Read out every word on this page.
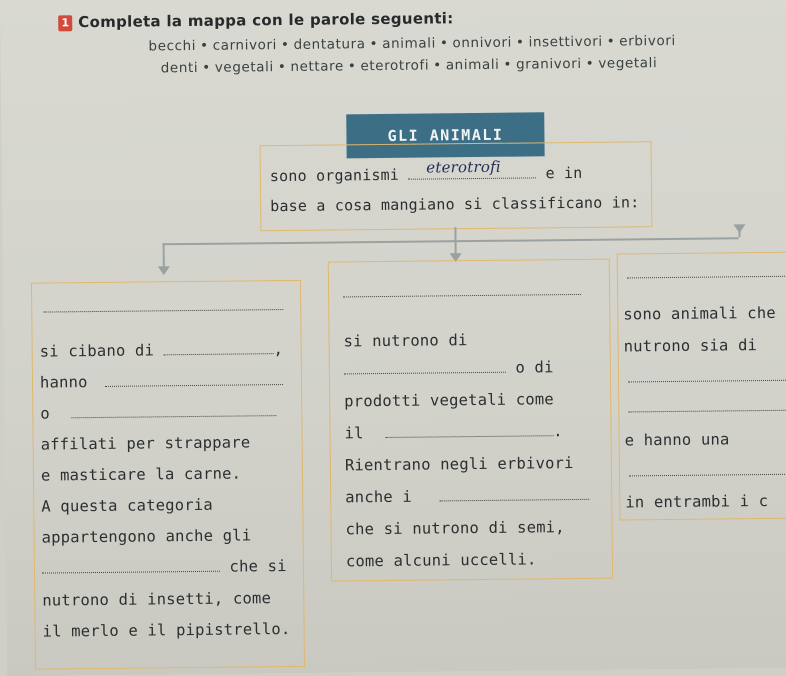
1 Completa la mappa con le parole seguenti:
becchi • carnivori • dentatura • animali • onnivori • insettivori • erbivori
denti • vegetali • nettare • eterotrofi • animali • granivori • vegetali
GLI ANIMALI
sono organismi eterotrofi	e in
base a cosa mangiano si classificano in:
si cibano di	,
hanno
o
affilati per strappare
e masticare la carne.
A questa categoria
appartengono anche gli
che si
nutrono di insetti, come
il merlo e il pipistrello.
si nutrono di
o di
prodotti vegetali come
il	.
Rientrano negli erbivori
anche i
che si nutrono di semi,
come alcuni uccelli.
sono animali che
nutrono sia di
e hanno una
in entrambi i c
